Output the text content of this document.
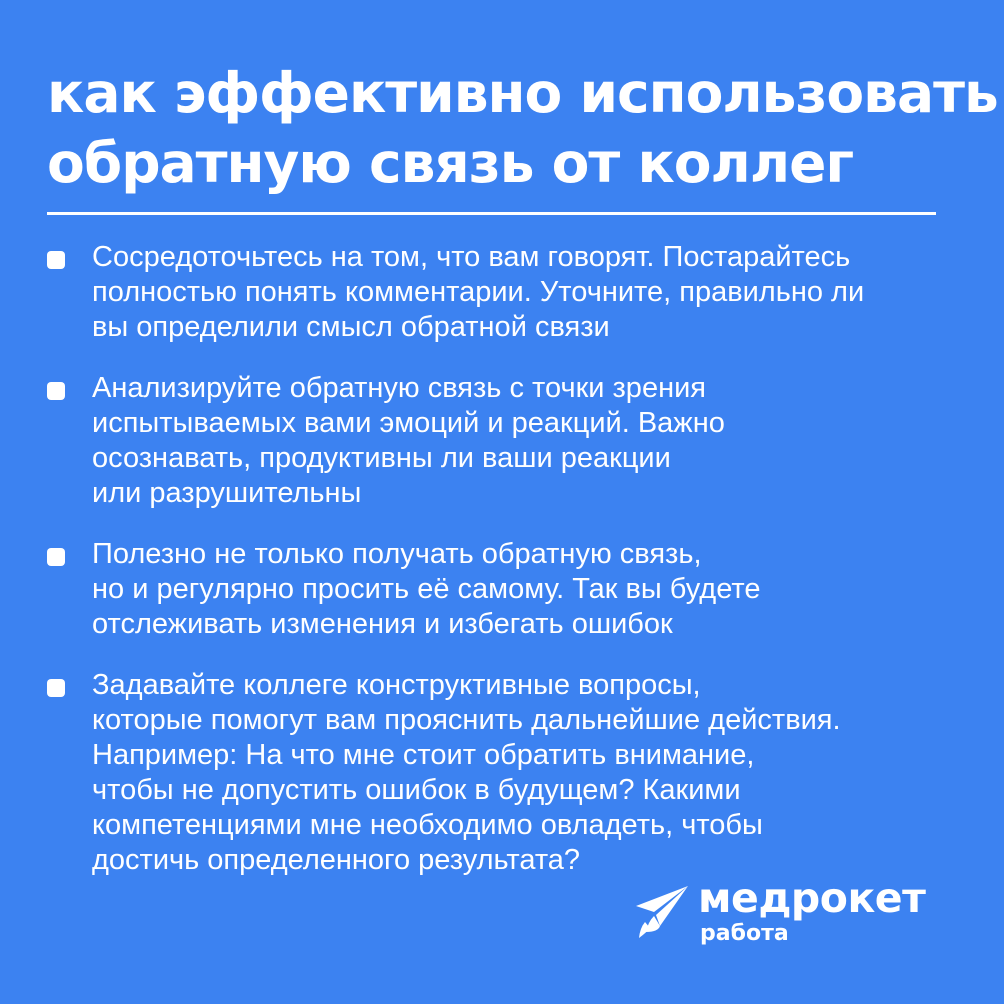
как эффективно использовать
обратную связь от коллег
Сосредоточьтесь на том, что вам говорят. Постарайтесь
полностью понять комментарии. Уточните, правильно ли
вы определили смысл обратной связи
Анализируйте обратную связь с точки зрения
испытываемых вами эмоций и реакций. Важно
осознавать, продуктивны ли ваши реакции
или разрушительны
Полезно не только получать обратную связь,
но и регулярно просить её самому. Так вы будете
отслеживать изменения и избегать ошибок
Задавайте коллеге конструктивные вопросы,
которые помогут вам прояснить дальнейшие действия.
Например: На что мне стоит обратить внимание,
чтобы не допустить ошибок в будущем? Какими
компетенциями мне необходимо овладеть, чтобы
достичь определенного результата?
медрокет
работа
